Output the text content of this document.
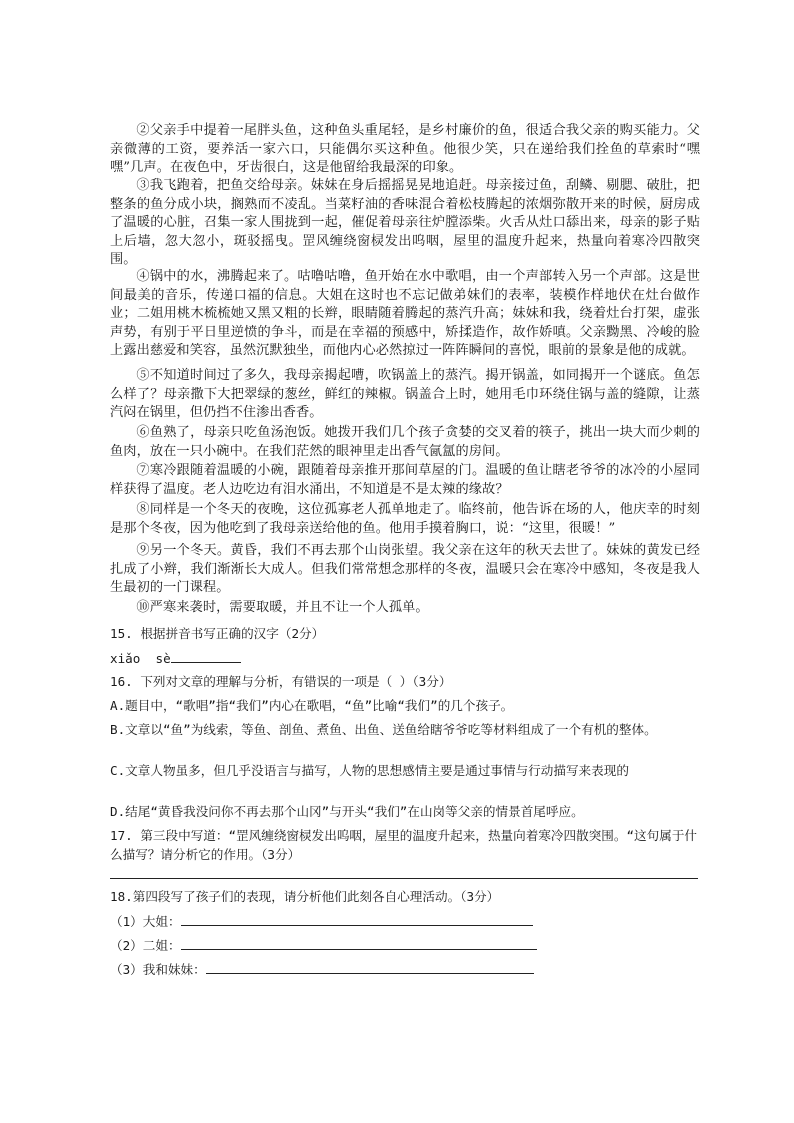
②父亲手中提着一尾胖头鱼，这种鱼头重尾轻，是乡村廉价的鱼，很适合我父亲的购买能力。父亲微薄的工资，要养活一家六口，只能偶尔买这种鱼。他很少笑，只在递给我们拴鱼的草索时“嘿嘿”几声。在夜色中，牙齿很白，这是他留给我最深的印象。

③我飞跑着，把鱼交给母亲。妹妹在身后摇摇晃晃地追赶。母亲接过鱼，刮鳞、剔腮、破肚，把整条的鱼分成小块，搁熟而不凌乱。当菜籽油的香味混合着松枝腾起的浓烟弥散开来的时候，厨房成了温暖的心脏，召集一家人围拢到一起，催促着母亲往炉膛添柴。火舌从灶口舔出来，母亲的影子贴上后墙，忽大忽小，斑驳摇曳。罡风缠绕窗棂发出呜咽，屋里的温度升起来，热量向着寒冷四散突围。

④锅中的水，沸腾起来了。咕噜咕噜，鱼开始在水中歌唱，由一个声部转入另一个声部。这是世间最美的音乐，传递口福的信息。大姐在这时也不忘记做弟妹们的表率，装模作样地伏在灶台做作业；二姐用桃木梳梳她又黑又粗的长辫，眼睛随着腾起的蒸汽升高；妹妹和我，绕着灶台打架，虚张声势，有别于平日里逆愤的争斗，而是在幸福的预感中，矫揉造作，故作娇嗔。父亲黝黑、冷峻的脸上露出慈爱和笑容，虽然沉默独坐，而他内心必然掠过一阵阵瞬间的喜悦，眼前的景象是他的成就。

⑤不知道时间过了多久，我母亲揭起嘈，吹锅盖上的蒸汽。揭开锅盖，如同揭开一个谜底。鱼怎么样了？母亲撒下大把翠绿的葱丝，鲜红的辣椒。锅盖合上时，她用毛巾环绕住锅与盖的缝隙，让蒸汽闷在锅里，但仍挡不住渗出香香。

⑥鱼熟了，母亲只吃鱼汤泡饭。她拨开我们几个孩子贪婪的交叉着的筷子，挑出一块大而少刺的鱼肉，放在一只小碗中。在我们茫然的眼神里走出香气氤氲的房间。

⑦寒冷跟随着温暖的小碗，跟随着母亲推开那间草屋的门。温暖的鱼让瞎老爷爷的冰冷的小屋同样获得了温度。老人边吃边有泪水涌出，不知道是不是太辣的缘故？

⑧同样是一个冬天的夜晚，这位孤寡老人孤单地走了。临终前，他告诉在场的人，他庆幸的时刻是那个冬夜，因为他吃到了我母亲送给他的鱼。他用手摸着胸口，说：“这里，很暖！”

⑨另一个冬天。黄昏，我们不再去那个山岗张望。我父亲在这年的秋天去世了。妹妹的黄发已经扎成了小辫，我们渐渐长大成人。但我们常常想念那样的冬夜，温暖只会在寒冷中感知，冬夜是我人生最初的一门课程。

⑩严寒来袭时，需要取暖，并且不让一个人孤单。

15. 根据拼音书写正确的汉字（2分）

xiǎo sè

16. 下列对文章的理解与分析，有错误的一项是（ ）（3分）

A.题目中，“歌唱”指“我们”内心在歌唱，“鱼”比喻“我们”的几个孩子。

B.文章以“鱼”为线索，等鱼、剖鱼、煮鱼、出鱼、送鱼给瞎爷爷吃等材料组成了一个有机的整体。

C.文章人物虽多，但几乎没语言与描写，人物的思想感情主要是通过事情与行动描写来表现的

D.结尾“黄昏我没问你不再去那个山冈”与开头“我们”在山岗等父亲的情景首尾呼应。

17. 第三段中写道：“罡风缠绕窗棂发出呜咽，屋里的温度升起来，热量向着寒冷四散突围。“这句属于什么描写？请分析它的作用。（3分）

18.第四段写了孩子们的表现，请分析他们此刻各自心理活动。（3分）

（1）大姐：

（2）二姐：

（3）我和妹妹：
